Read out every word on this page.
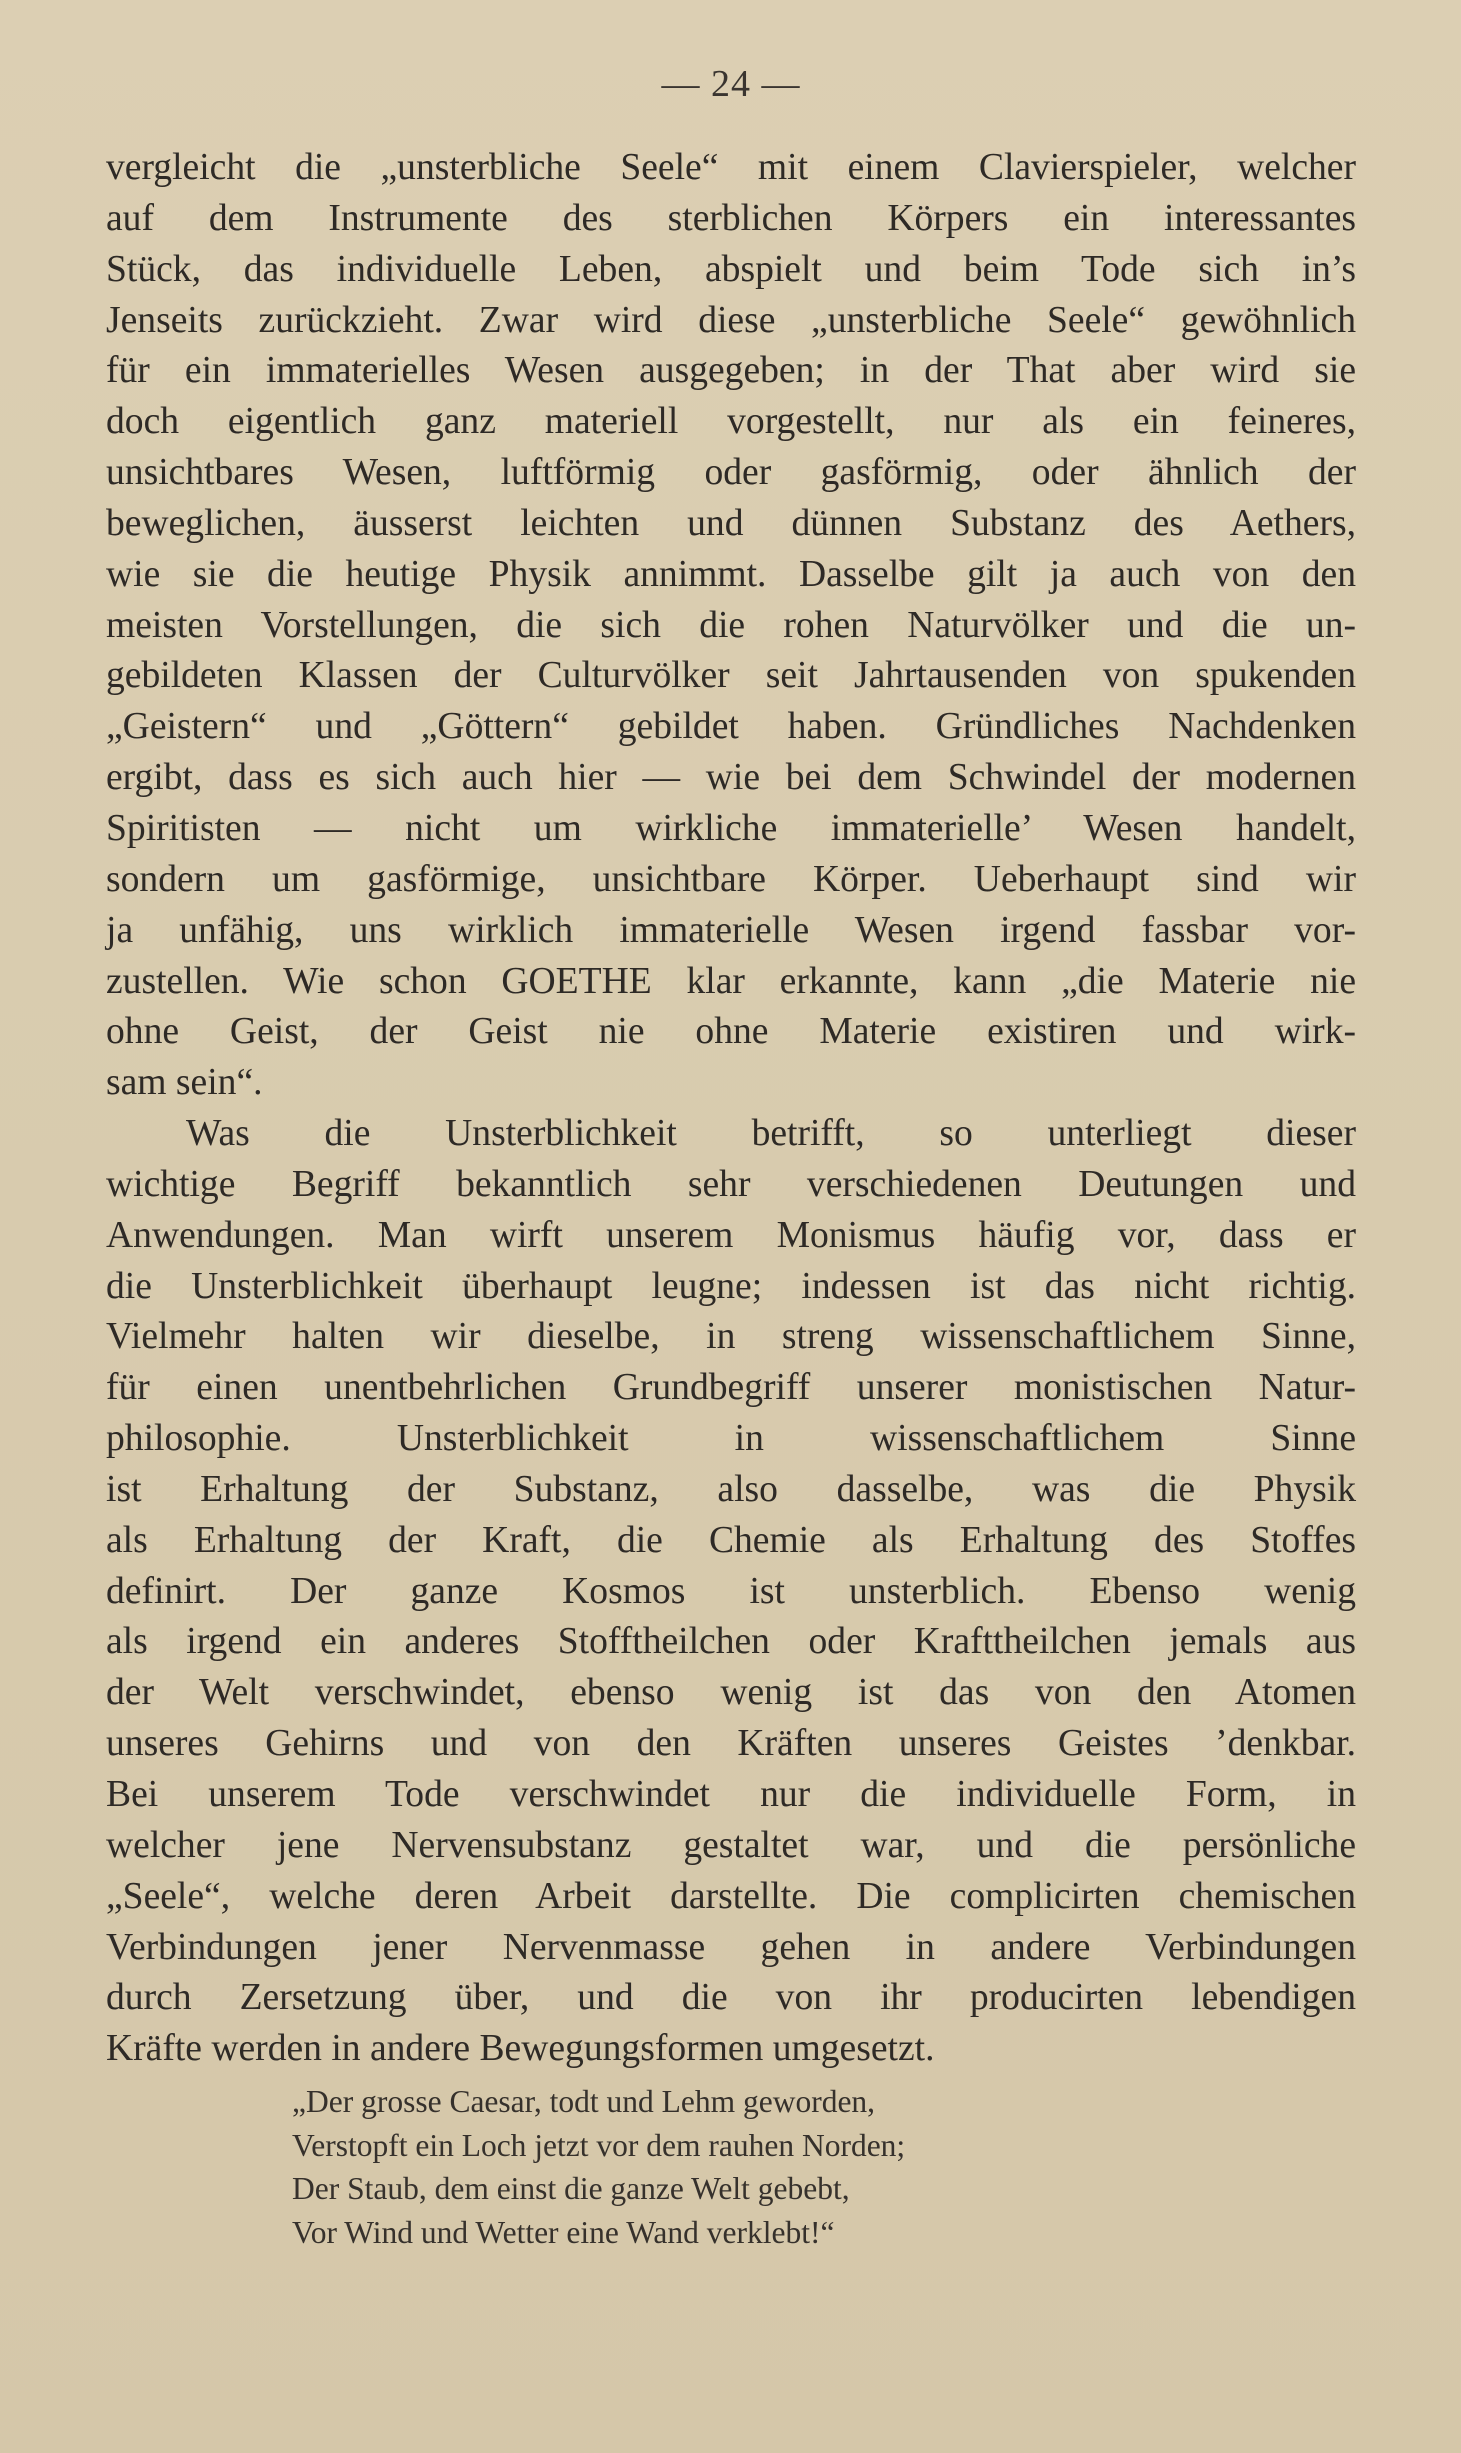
— 24 —
vergleicht die „unsterbliche Seele“ mit einem Clavierspieler, welcher
auf dem Instrumente des sterblichen Körpers ein interessantes
Stück, das individuelle Leben, abspielt und beim Tode sich in’s
Jenseits zurückzieht. Zwar wird diese „unsterbliche Seele“ gewöhnlich
für ein immaterielles Wesen ausgegeben; in der That aber wird sie
doch eigentlich ganz materiell vorgestellt, nur als ein feineres,
unsichtbares Wesen, luftförmig oder gasförmig, oder ähnlich der
beweglichen, äusserst leichten und dünnen Substanz des Aethers,
wie sie die heutige Physik annimmt. Dasselbe gilt ja auch von den
meisten Vorstellungen, die sich die rohen Naturvölker und die un-
gebildeten Klassen der Culturvölker seit Jahrtausenden von spukenden
„Geistern“ und „Göttern“ gebildet haben. Gründliches Nachdenken
ergibt, dass es sich auch hier — wie bei dem Schwindel der modernen
Spiritisten — nicht um wirkliche immaterielle’ Wesen handelt,
sondern um gasförmige, unsichtbare Körper. Ueberhaupt sind wir
ja unfähig, uns wirklich immaterielle Wesen irgend fassbar vor-
zustellen. Wie schon GOETHE klar erkannte, kann „die Materie nie
ohne Geist, der Geist nie ohne Materie existiren und wirk-
sam sein“.
Was die Unsterblichkeit betrifft, so unterliegt dieser
wichtige Begriff bekanntlich sehr verschiedenen Deutungen und
Anwendungen. Man wirft unserem Monismus häufig vor, dass er
die Unsterblichkeit überhaupt leugne; indessen ist das nicht richtig.
Vielmehr halten wir dieselbe, in streng wissenschaftlichem Sinne,
für einen unentbehrlichen Grundbegriff unserer monistischen Natur-
philosophie. Unsterblichkeit in wissenschaftlichem Sinne
ist Erhaltung der Substanz, also dasselbe, was die Physik
als Erhaltung der Kraft, die Chemie als Erhaltung des Stoffes
definirt. Der ganze Kosmos ist unsterblich. Ebenso wenig
als irgend ein anderes Stofftheilchen oder Krafttheilchen jemals aus
der Welt verschwindet, ebenso wenig ist das von den Atomen
unseres Gehirns und von den Kräften unseres Geistes ’denkbar.
Bei unserem Tode verschwindet nur die individuelle Form, in
welcher jene Nervensubstanz gestaltet war, und die persönliche
„Seele“, welche deren Arbeit darstellte. Die complicirten chemischen
Verbindungen jener Nervenmasse gehen in andere Verbindungen
durch Zersetzung über, und die von ihr producirten lebendigen
Kräfte werden in andere Bewegungsformen umgesetzt.
„Der grosse Caesar, todt und Lehm geworden,
Verstopft ein Loch jetzt vor dem rauhen Norden;
Der Staub, dem einst die ganze Welt gebebt,
Vor Wind und Wetter eine Wand verklebt!“
